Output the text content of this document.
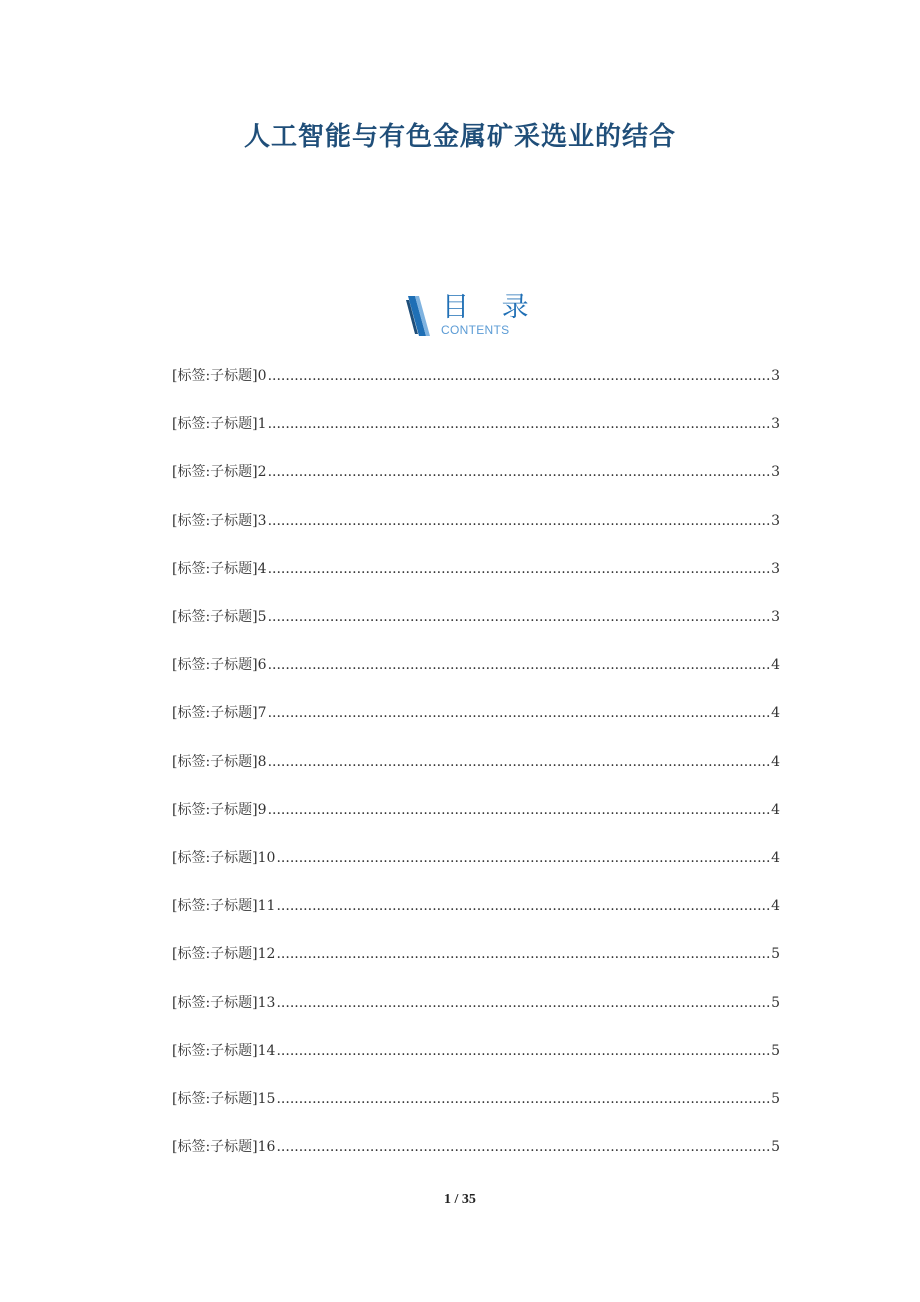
人工智能与有色金属矿采选业的结合
目 录
CONTENTS
[标签:子标题]0 .....	3
[标签:子标题]1 .....	3
[标签:子标题]2 .....	3
[标签:子标题]3 .....	3
[标签:子标题]4 .....	3
[标签:子标题]5 .....	3
[标签:子标题]6 .....	4
[标签:子标题]7 .....	4
[标签:子标题]8 .....	4
[标签:子标题]9 .....	4
[标签:子标题]10 .....	4
[标签:子标题]11 .....	4
[标签:子标题]12 .....	5
[标签:子标题]13 .....	5
[标签:子标题]14 .....	5
[标签:子标题]15 .....	5
[标签:子标题]16 .....	5
1 / 35
